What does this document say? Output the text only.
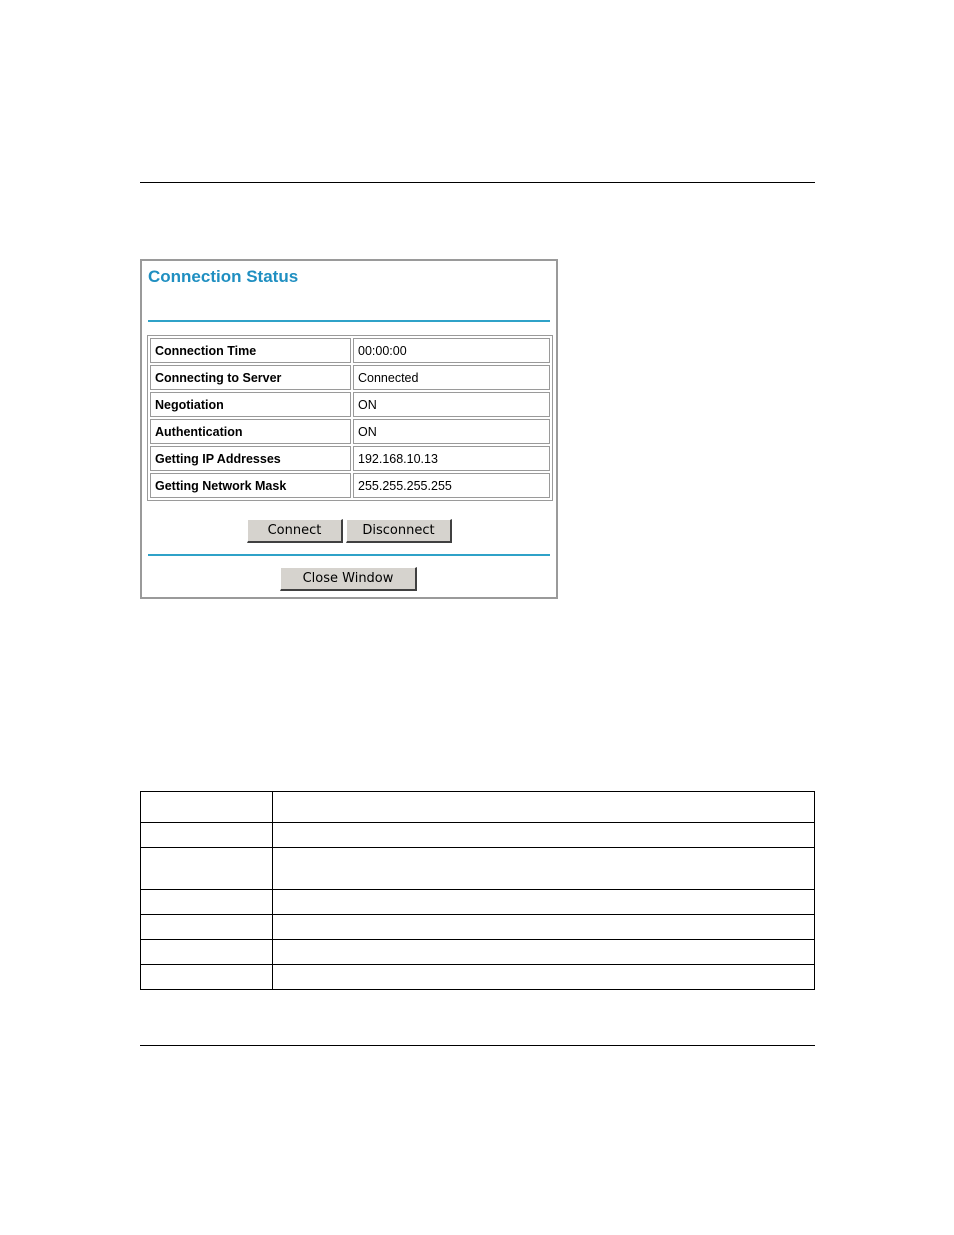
Connection Status
Connection Time	00:00:00
Connecting to Server	Connected
Negotiation	ON
Authentication	ON
Getting IP Addresses	192.168.10.13
Getting Network Mask	255.255.255.255
Connect	Disconnect
Close Window
